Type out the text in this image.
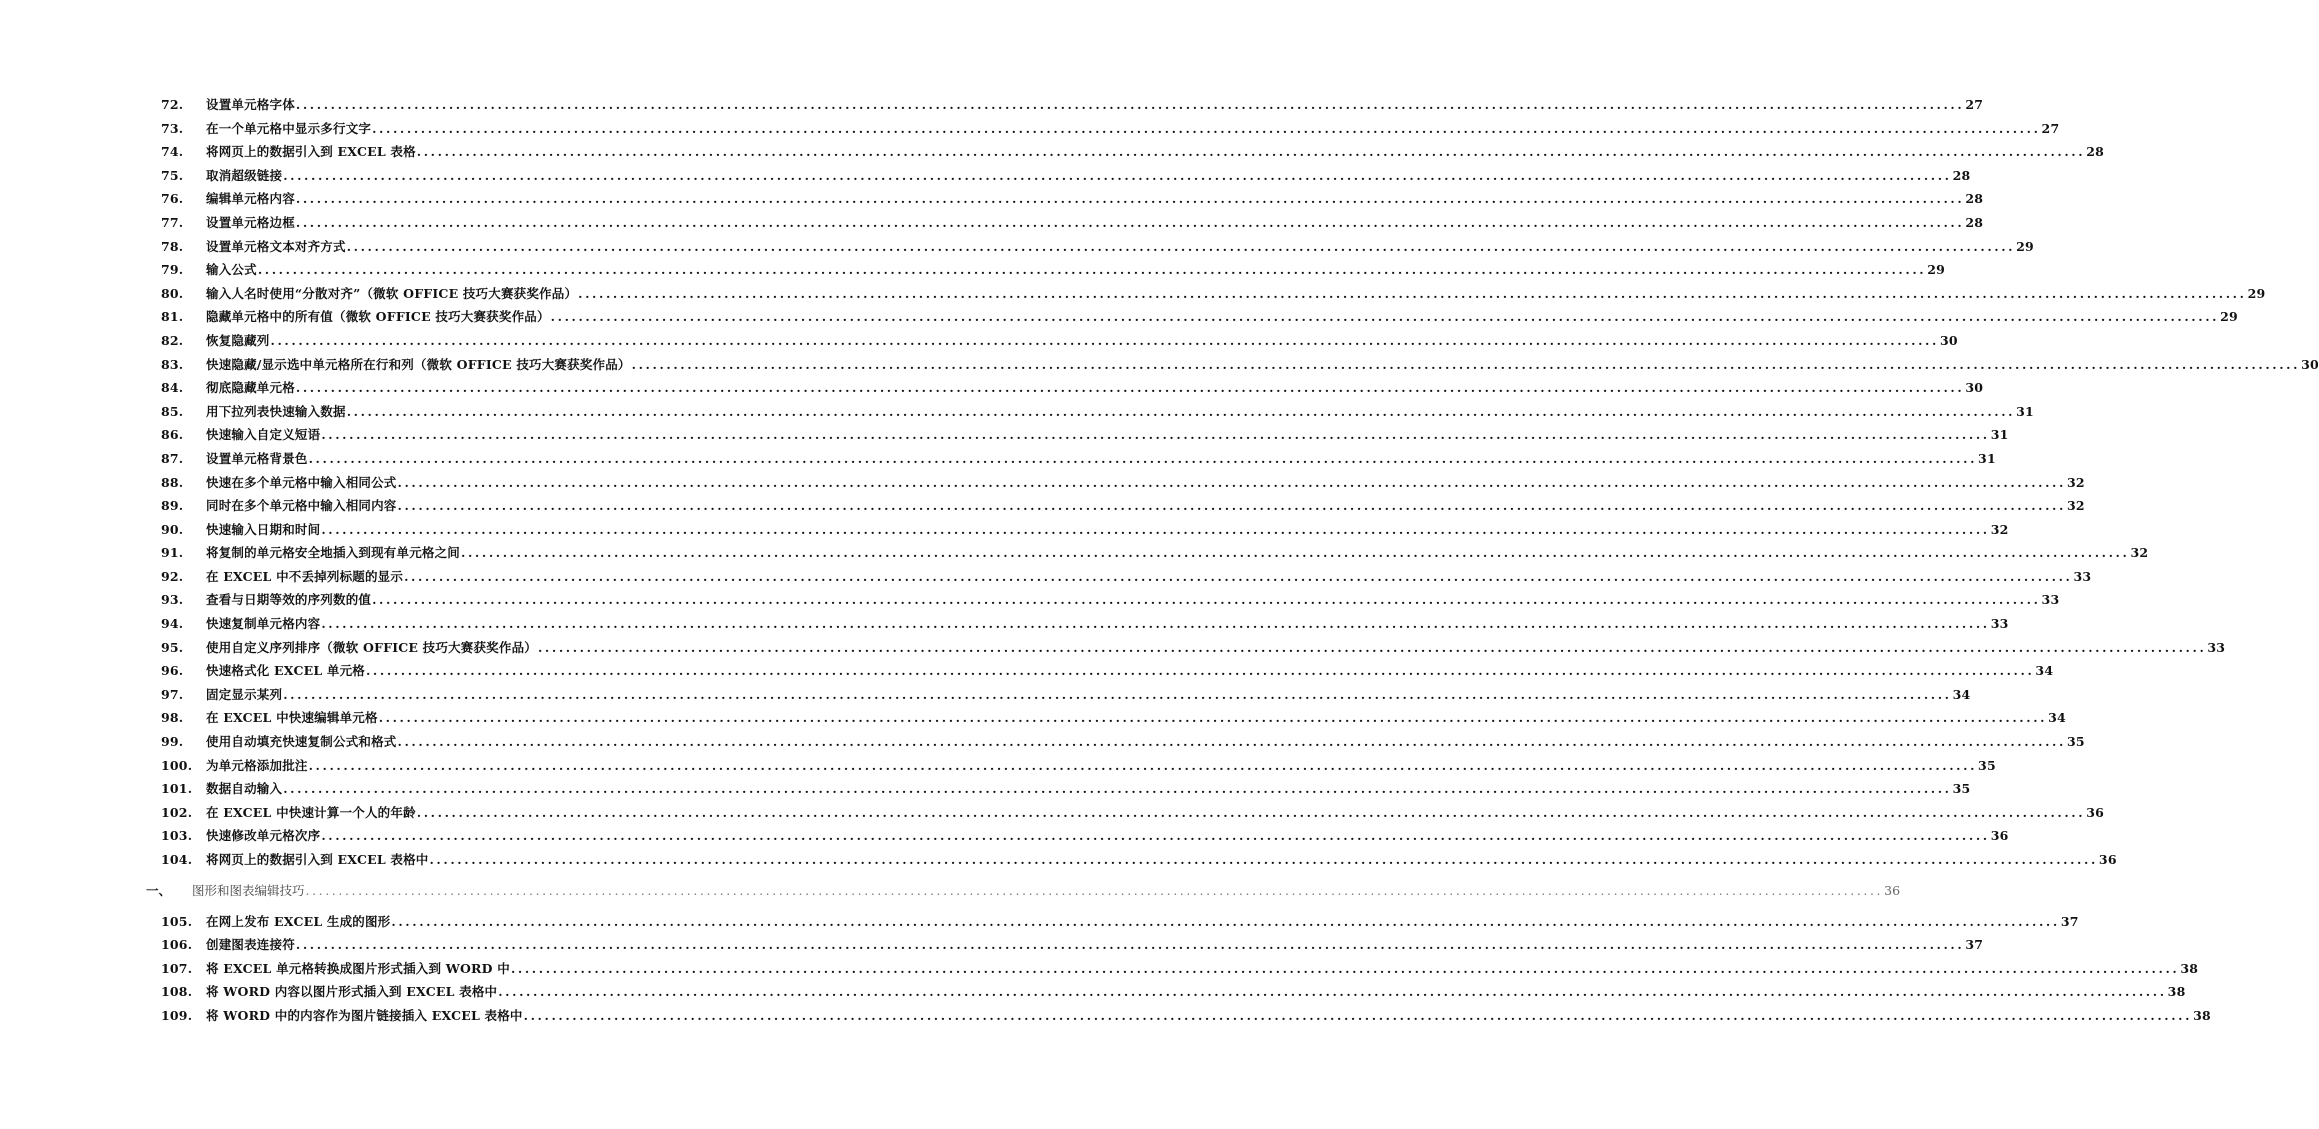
72.	设置单元格字体 ................................................................................................................................................................................................................................................ 27
73.	在一个单元格中显示多行文字 ................................................................................................................................................................................................................................................ 27
74.	将网页上的数据引入到 EXCEL 表格 ................................................................................................................................................................................................................................................ 28
75.	取消超级链接 ................................................................................................................................................................................................................................................ 28
76.	编辑单元格内容 ................................................................................................................................................................................................................................................ 28
77.	设置单元格边框 ................................................................................................................................................................................................................................................ 28
78.	设置单元格文本对齐方式 ................................................................................................................................................................................................................................................ 29
79.	输入公式 ................................................................................................................................................................................................................................................ 29
80.	输入人名时使用“分散对齐”（微软 OFFICE 技巧大赛获奖作品） ................................................................................................................................................................................................................................................ 29
81.	隐藏单元格中的所有值（微软 OFFICE 技巧大赛获奖作品） ................................................................................................................................................................................................................................................ 29
82.	恢复隐藏列 ................................................................................................................................................................................................................................................ 30
83.	快速隐藏/显示选中单元格所在行和列（微软 OFFICE 技巧大赛获奖作品） ................................................................................................................................................................................................................................................ 30
84.	彻底隐藏单元格 ................................................................................................................................................................................................................................................ 30
85.	用下拉列表快速输入数据 ................................................................................................................................................................................................................................................ 31
86.	快速输入自定义短语 ................................................................................................................................................................................................................................................ 31
87.	设置单元格背景色 ................................................................................................................................................................................................................................................ 31
88.	快速在多个单元格中输入相同公式 ................................................................................................................................................................................................................................................ 32
89.	同时在多个单元格中输入相同内容 ................................................................................................................................................................................................................................................ 32
90.	快速输入日期和时间 ................................................................................................................................................................................................................................................ 32
91.	将复制的单元格安全地插入到现有单元格之间 ................................................................................................................................................................................................................................................ 32
92.	在 EXCEL 中不丢掉列标题的显示 ................................................................................................................................................................................................................................................ 33
93.	查看与日期等效的序列数的值 ................................................................................................................................................................................................................................................ 33
94.	快速复制单元格内容 ................................................................................................................................................................................................................................................ 33
95.	使用自定义序列排序（微软 OFFICE 技巧大赛获奖作品） ................................................................................................................................................................................................................................................ 33
96.	快速格式化 EXCEL 单元格 ................................................................................................................................................................................................................................................ 34
97.	固定显示某列 ................................................................................................................................................................................................................................................ 34
98.	在 EXCEL 中快速编辑单元格 ................................................................................................................................................................................................................................................ 34
99.	使用自动填充快速复制公式和格式 ................................................................................................................................................................................................................................................ 35
100.	为单元格添加批注 ................................................................................................................................................................................................................................................ 35
101.	数据自动输入 ................................................................................................................................................................................................................................................ 35
102.	在 EXCEL 中快速计算一个人的年龄 ................................................................................................................................................................................................................................................ 36
103.	快速修改单元格次序 ................................................................................................................................................................................................................................................ 36
104.	将网页上的数据引入到 EXCEL 表格中 ................................................................................................................................................................................................................................................ 36
一、 图形和图表编辑技巧 ................................................................................................................................................................................................................................................ 36
105.	在网上发布 EXCEL 生成的图形 ................................................................................................................................................................................................................................................ 37
106.	创建图表连接符 ................................................................................................................................................................................................................................................ 37
107.	将 EXCEL 单元格转换成图片形式插入到 WORD 中 ................................................................................................................................................................................................................................................ 38
108.	将 WORD 内容以图片形式插入到 EXCEL 表格中 ................................................................................................................................................................................................................................................ 38
109.	将 WORD 中的内容作为图片链接插入 EXCEL 表格中 ................................................................................................................................................................................................................................................ 38
